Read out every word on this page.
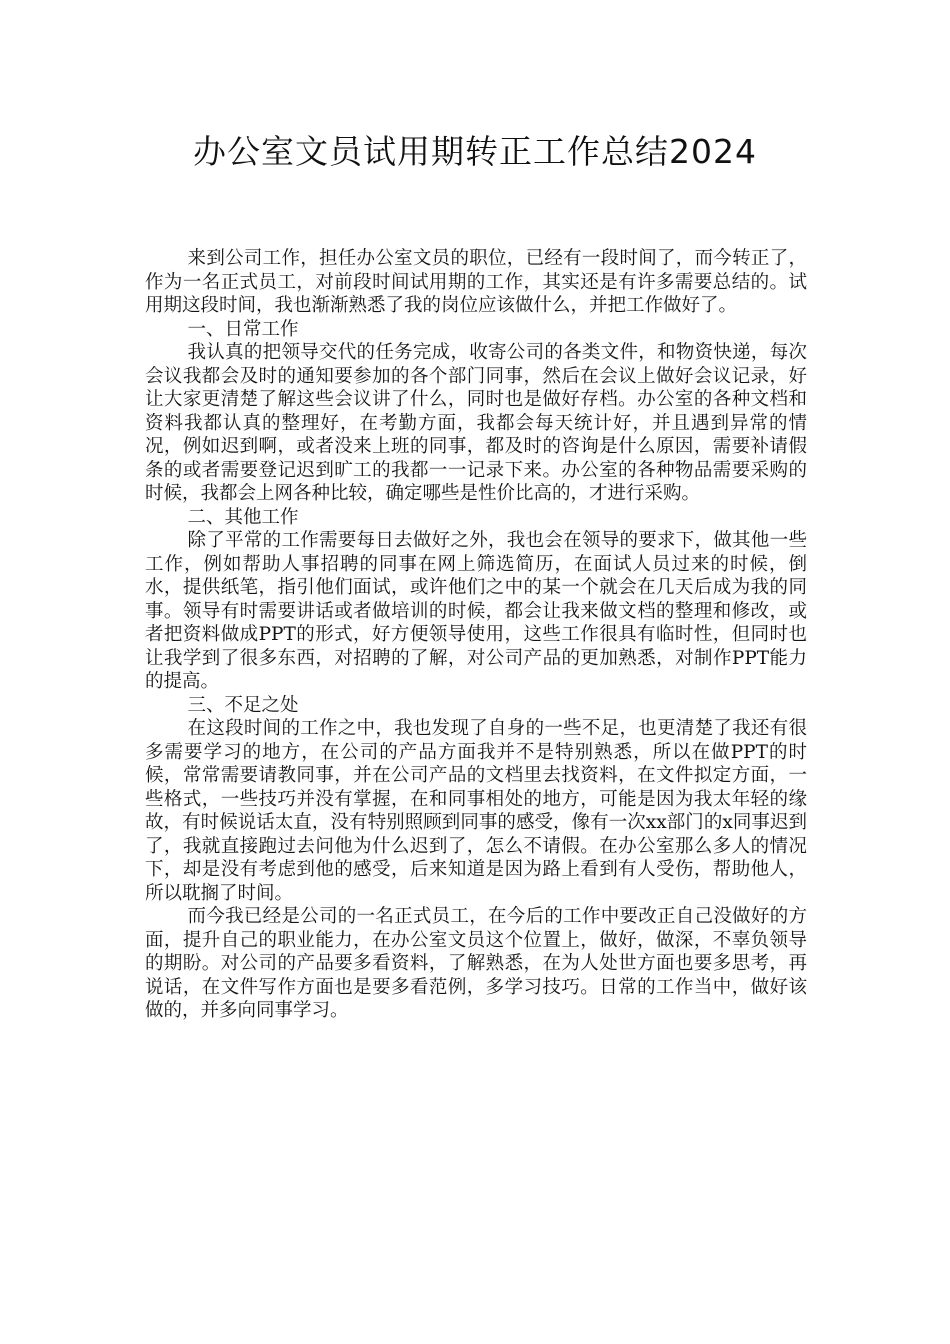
办公室文员试用期转正工作总结2024

来到公司工作，担任办公室文员的职位，已经有一段时间了，而今转正了，作为一名正式员工，对前段时间试用期的工作，其实还是有许多需要总结的。试用期这段时间，我也渐渐熟悉了我的岗位应该做什么，并把工作做好了。

一、日常工作

我认真的把领导交代的任务完成，收寄公司的各类文件，和物资快递，每次会议我都会及时的通知要参加的各个部门同事，然后在会议上做好会议记录，好让大家更清楚了解这些会议讲了什么，同时也是做好存档。办公室的各种文档和资料我都认真的整理好，在考勤方面，我都会每天统计好，并且遇到异常的情况，例如迟到啊，或者没来上班的同事，都及时的咨询是什么原因，需要补请假条的或者需要登记迟到旷工的我都一一记录下来。办公室的各种物品需要采购的时候，我都会上网各种比较，确定哪些是性价比高的，才进行采购。

二、其他工作

除了平常的工作需要每日去做好之外，我也会在领导的要求下，做其他一些工作，例如帮助人事招聘的同事在网上筛选简历，在面试人员过来的时候，倒水，提供纸笔，指引他们面试，或许他们之中的某一个就会在几天后成为我的同事。领导有时需要讲话或者做培训的时候，都会让我来做文档的整理和修改，或者把资料做成PPT的形式，好方便领导使用，这些工作很具有临时性，但同时也让我学到了很多东西，对招聘的了解，对公司产品的更加熟悉，对制作PPT能力的提高。

三、不足之处

在这段时间的工作之中，我也发现了自身的一些不足，也更清楚了我还有很多需要学习的地方，在公司的产品方面我并不是特别熟悉，所以在做PPT的时候，常常需要请教同事，并在公司产品的文档里去找资料，在文件拟定方面，一些格式，一些技巧并没有掌握，在和同事相处的地方，可能是因为我太年轻的缘故，有时候说话太直，没有特别照顾到同事的感受，像有一次xx部门的x同事迟到了，我就直接跑过去问他为什么迟到了，怎么不请假。在办公室那么多人的情况下，却是没有考虑到他的感受，后来知道是因为路上看到有人受伤，帮助他人，所以耽搁了时间。

而今我已经是公司的一名正式员工，在今后的工作中要改正自己没做好的方面，提升自己的职业能力，在办公室文员这个位置上，做好，做深，不辜负领导的期盼。对公司的产品要多看资料，了解熟悉，在为人处世方面也要多思考，再说话，在文件写作方面也是要多看范例，多学习技巧。日常的工作当中，做好该做的，并多向同事学习。
